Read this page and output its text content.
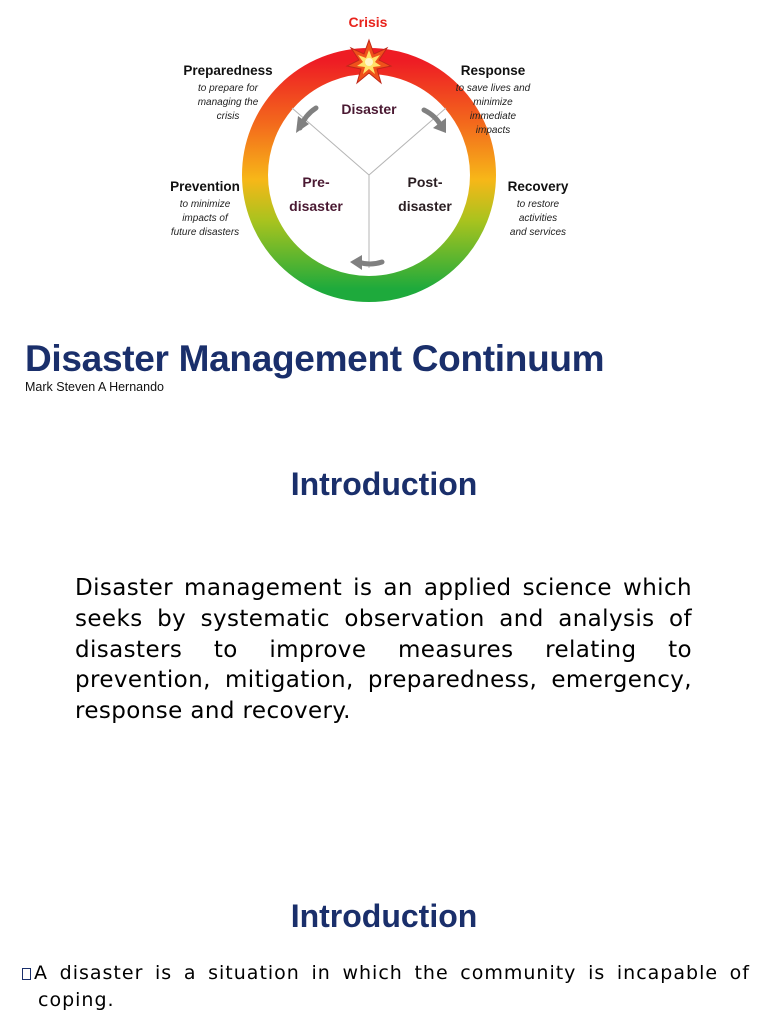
Crisis
Preparedness
to prepare for
managing the
crisis
Response
to save lives and
minimize
immediate
impacts
Prevention
to minimize
impacts of
future disasters
Recovery
to restore
activities
and services
Disaster
Pre-
disaster
Post-
disaster
Disaster Management Continuum
Mark Steven A Hernando
Introduction

Disaster management is an applied science which seeks by systematic observation and analysis of disasters to improve measures relating to prevention, mitigation, preparedness, emergency, response and recovery.

Introduction
A disaster is a situation in which the community is incapable of coping.
